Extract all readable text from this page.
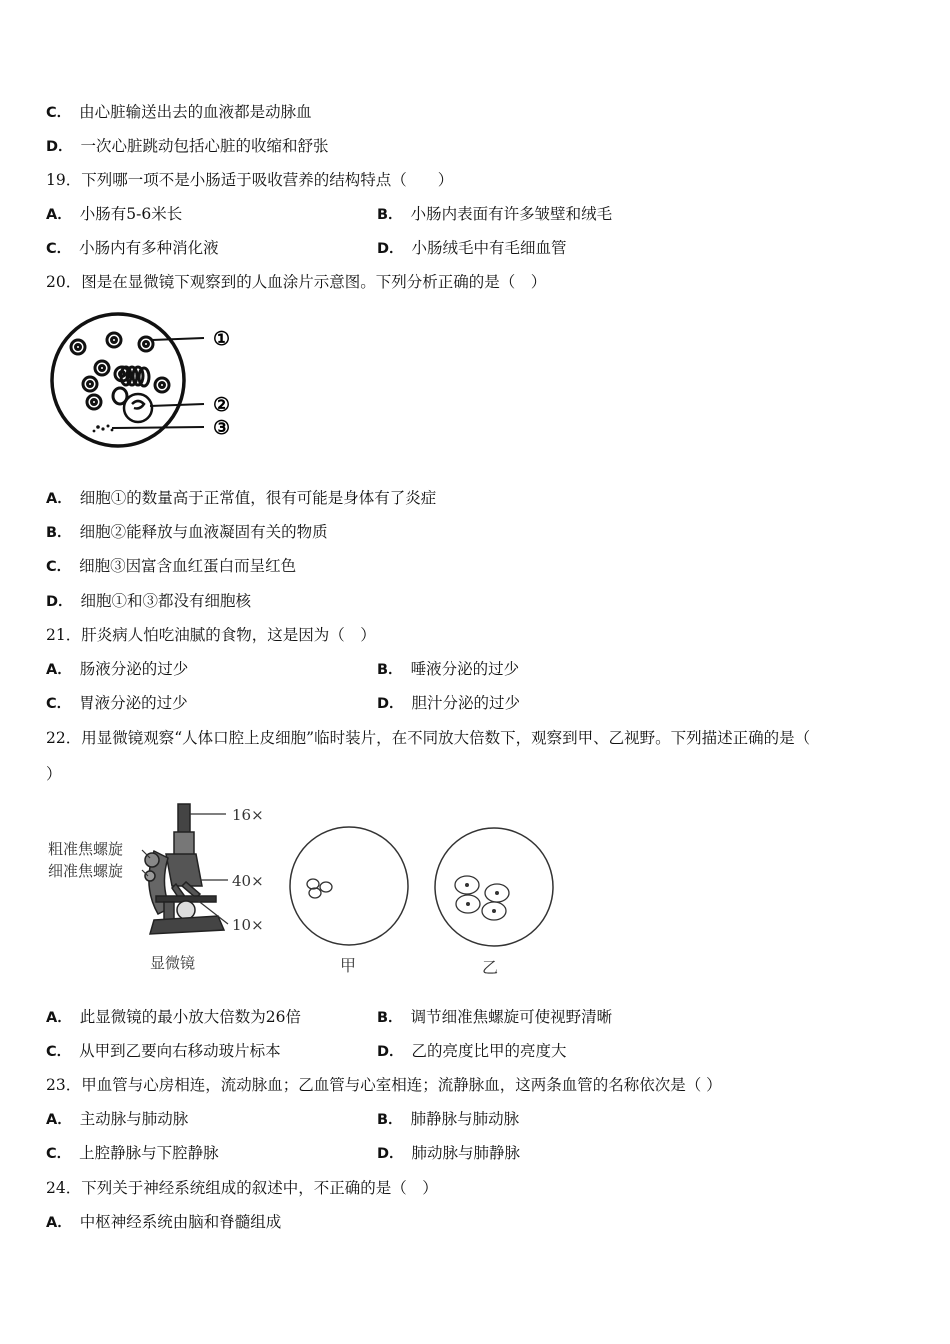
C． 由心脏输送出去的血液都是动脉血
D． 一次心脏跳动包括心脏的收缩和舒张
19．下列哪一项不是小肠适于吸收营养的结构特点（　　）
A． 小肠有5-6米长	B． 小肠内表面有许多皱壁和绒毛
C． 小肠内有多种消化液	D． 小肠绒毛中有毛细血管
20．图是在显微镜下观察到的人血涂片示意图。下列分析正确的是（　）
①
②
③
A． 细胞①的数量高于正常值，很有可能是身体有了炎症
B． 细胞②能释放与血液凝固有关的物质
C． 细胞③因富含血红蛋白而呈红色
D． 细胞①和③都没有细胞核
21．肝炎病人怕吃油腻的食物，这是因为（　）
A． 肠液分泌的过少	B． 唾液分泌的过少
C． 胃液分泌的过少	D． 胆汁分泌的过少
22．用显微镜观察“人体口腔上皮细胞”临时装片，在不同放大倍数下，观察到甲、乙视野。下列描述正确的是（
）
16×
40×
10×
粗准焦螺旋
细准焦螺旋
显微镜	甲	乙
A． 此显微镜的最小放大倍数为26倍	B． 调节细准焦螺旋可使视野清晰
C． 从甲到乙要向右移动玻片标本	D． 乙的亮度比甲的亮度大
23．甲血管与心房相连，流动脉血；乙血管与心室相连；流静脉血，这两条血管的名称依次是（ ）
A． 主动脉与肺动脉	B． 肺静脉与肺动脉
C． 上腔静脉与下腔静脉	D． 肺动脉与肺静脉
24．下列关于神经系统组成的叙述中，不正确的是（　）
A． 中枢神经系统由脑和脊髓组成
